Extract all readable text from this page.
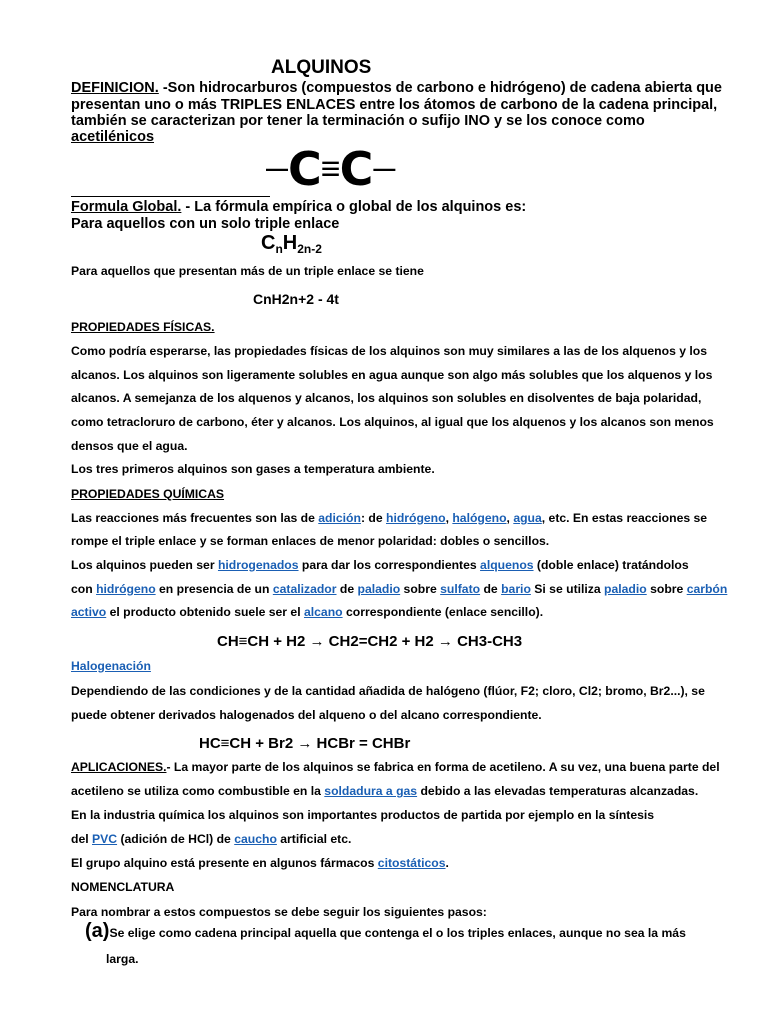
ALQUINOS
DEFINICION. -Son hidrocarburos (compuestos de carbono e hidrógeno) de cadena abierta que
presentan uno o más TRIPLES ENLACES entre los átomos de carbono de la cadena principal,
también se caracterizan por tener la terminación o sufijo INO y se los conoce como
acetilénicos
— C ≡ C —
Formula Global. - La fórmula empírica o global de los alquinos es:
Para aquellos con un solo triple enlace
$C_nH_{2n-2}$
Para aquellos que presentan más de un triple enlace se tiene
CnH2n+2 - 4t
PROPIEDADES FÍSICAS.
Como podría esperarse, las propiedades físicas de los alquinos son muy similares a las de los alquenos y los
alcanos. Los alquinos son ligeramente solubles en agua aunque son algo más solubles que los alquenos y los
alcanos. A semejanza de los alquenos y alcanos, los alquinos son solubles en disolventes de baja polaridad,
como tetracloruro de carbono, éter y alcanos. Los alquinos, al igual que los alquenos y los alcanos son menos
densos que el agua.
Los tres primeros alquinos son gases a temperatura ambiente.
PROPIEDADES QUÍMICAS
Las reacciones más frecuentes son las de adición: de hidrógeno, halógeno, agua, etc. En estas reacciones se
rompe el triple enlace y se forman enlaces de menor polaridad: dobles o sencillos.
Los alquinos pueden ser hidrogenados para dar los correspondientes alquenos (doble enlace) tratándolos
con hidrógeno en presencia de un catalizador de paladio sobre sulfato de bario Si se utiliza paladio sobre carbón
activo el producto obtenido suele ser el alcano correspondiente (enlace sencillo).
CH≡CH + H2 → CH2=CH2 + H2 → CH3-CH3
Halogenación
Dependiendo de las condiciones y de la cantidad añadida de halógeno (flúor, F2; cloro, Cl2; bromo, Br2...), se
puede obtener derivados halogenados del alqueno o del alcano correspondiente.
HC≡CH + Br2 → HCBr = CHBr
APLICACIONES.- La mayor parte de los alquinos se fabrica en forma de acetileno. A su vez, una buena parte del
acetileno se utiliza como combustible en la soldadura a gas debido a las elevadas temperaturas alcanzadas.
En la industria química los alquinos son importantes productos de partida por ejemplo en la síntesis
del PVC (adición de HCl) de caucho artificial etc.
El grupo alquino está presente en algunos fármacos citostáticos.
NOMENCLATURA
Para nombrar a estos compuestos se debe seguir los siguientes pasos:
(a) Se elige como cadena principal aquella que contenga el o los triples enlaces, aunque no sea la más
larga.
